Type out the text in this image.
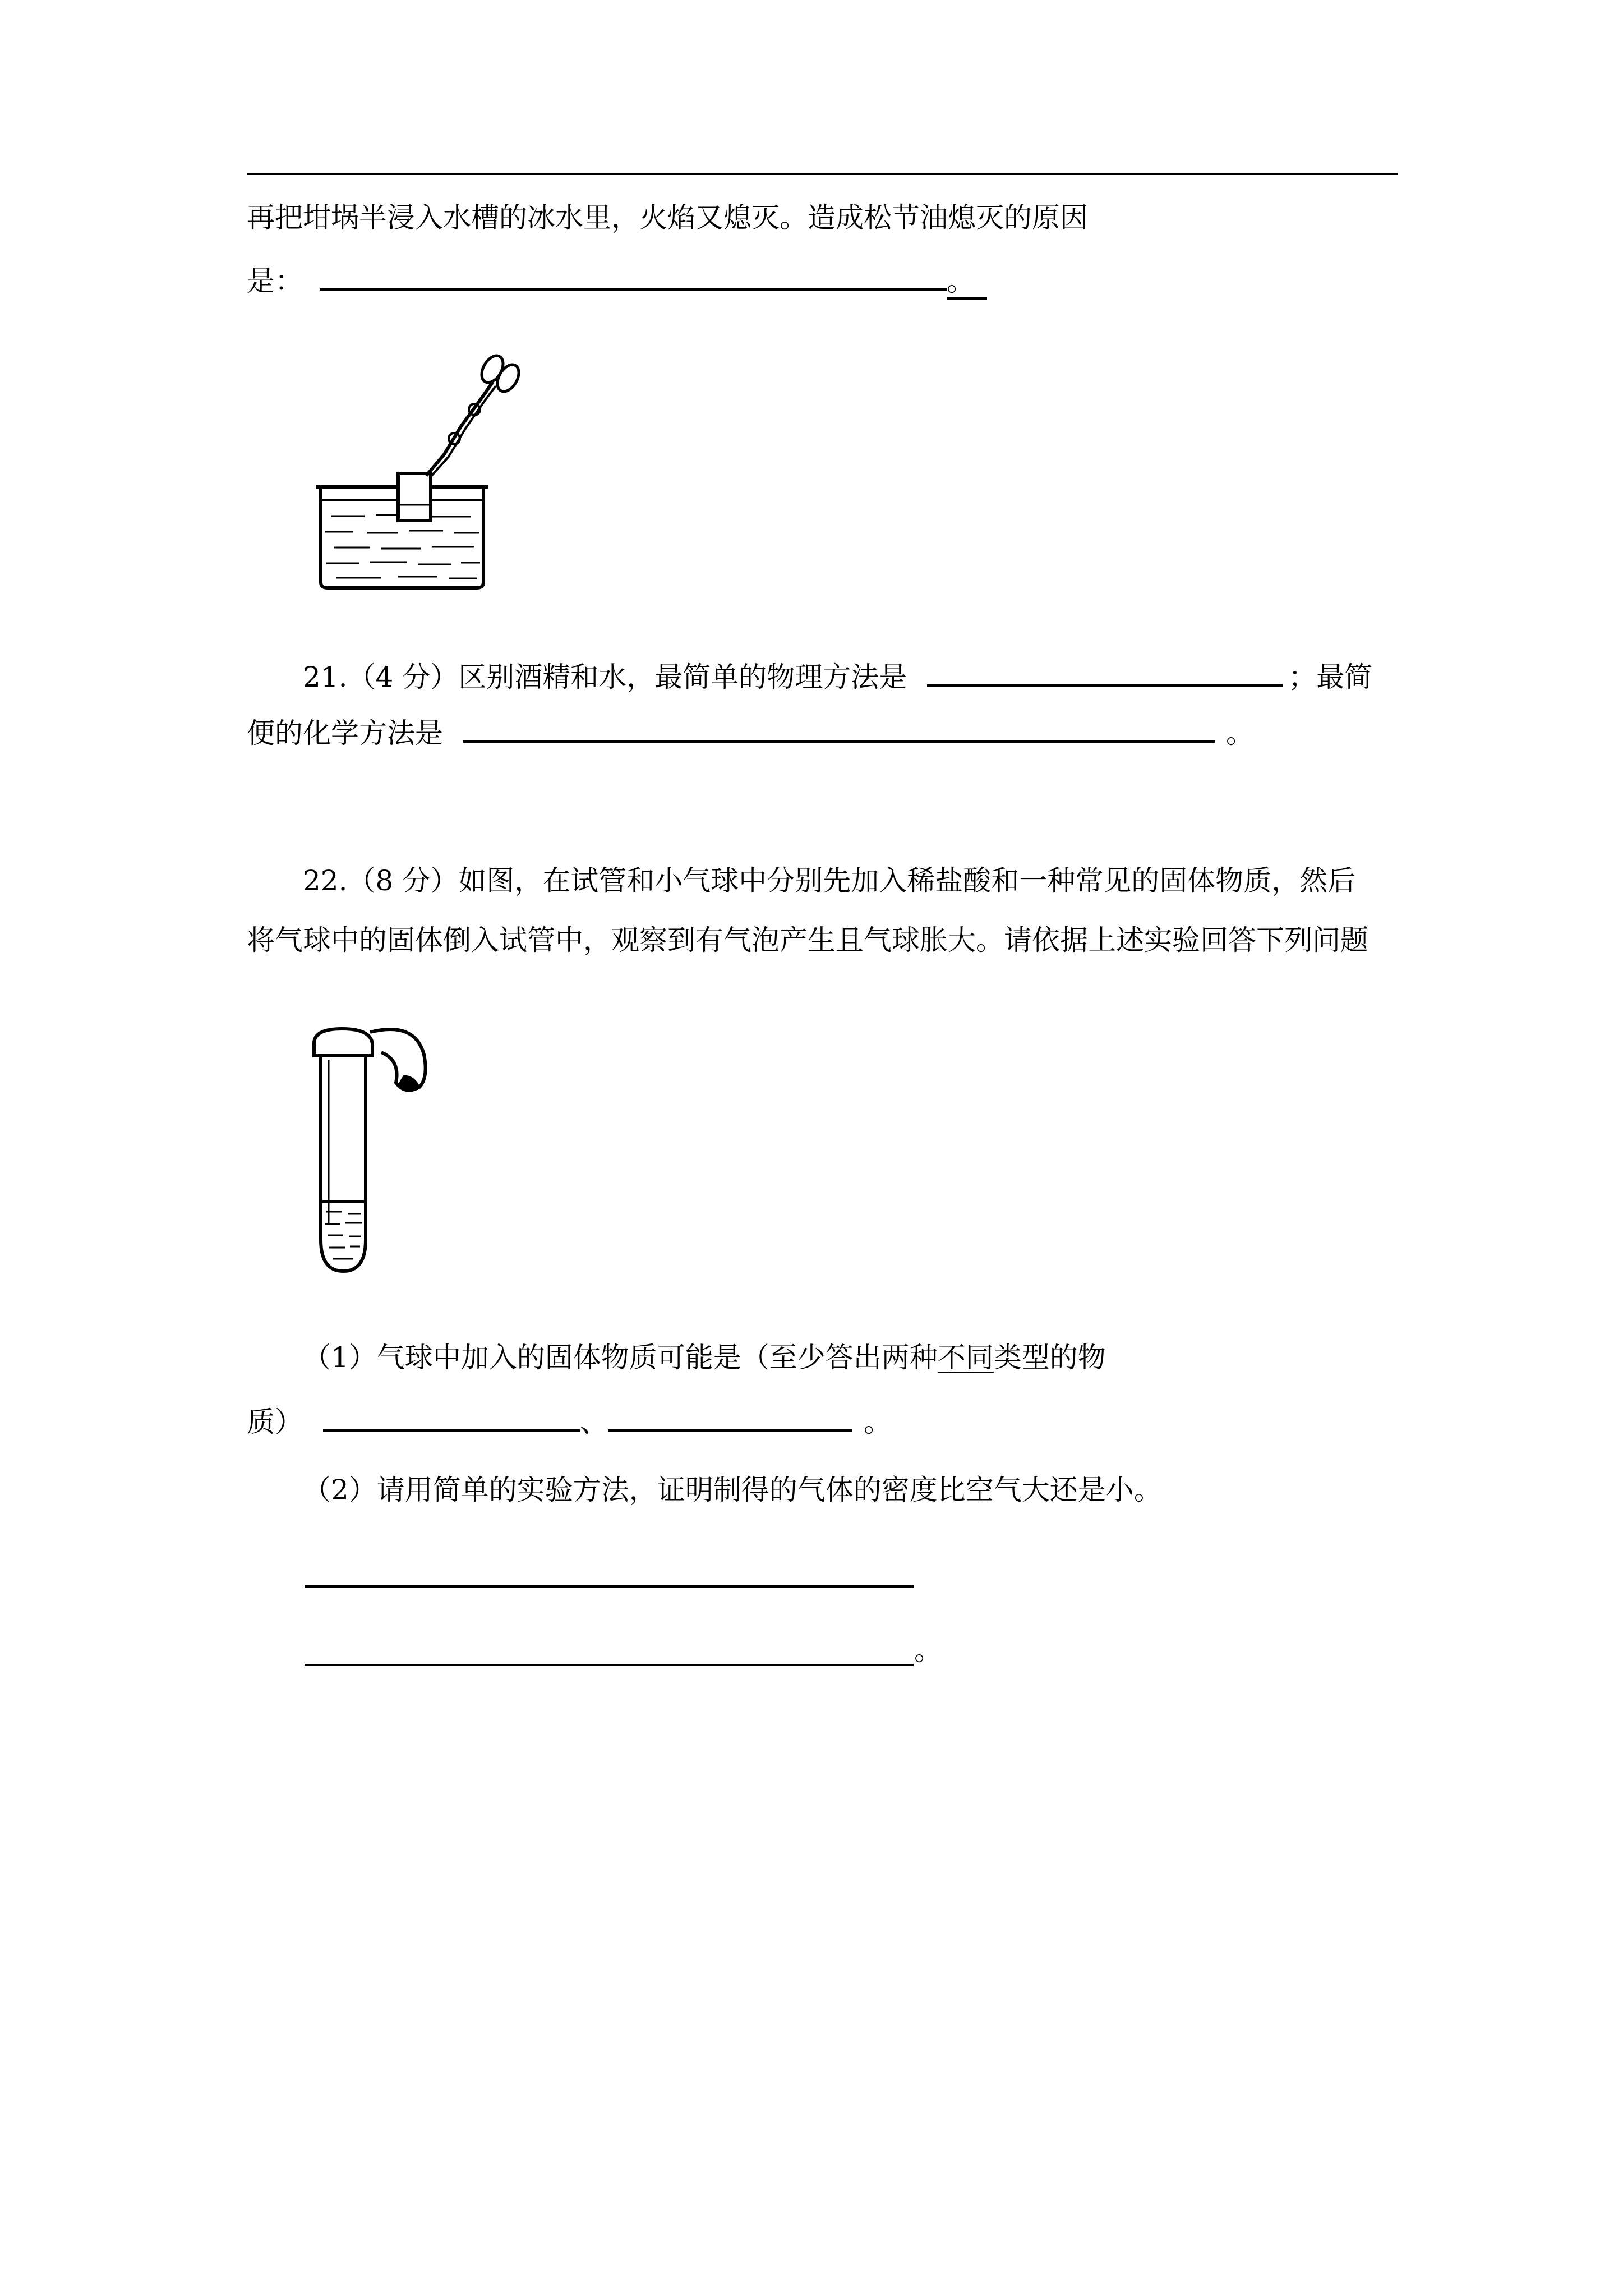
再把坩埚半浸入水槽的冰水里，火焰又熄灭。造成松节油熄灭的原因
是：	。
21.（4 分）区别酒精和水，最简单的物理方法是	；最简
便的化学方法是	。
22.（8 分）如图，在试管和小气球中分别先加入稀盐酸和一种常见的固体物质，然后
将气球中的固体倒入试管中，观察到有气泡产生且气球胀大。请依据上述实验回答下列问题
（1）气球中加入的固体物质可能是（至少答出两种不同类型的物
质）	、	。
（2）请用简单的实验方法，证明制得的气体的密度比空气大还是小。
。
